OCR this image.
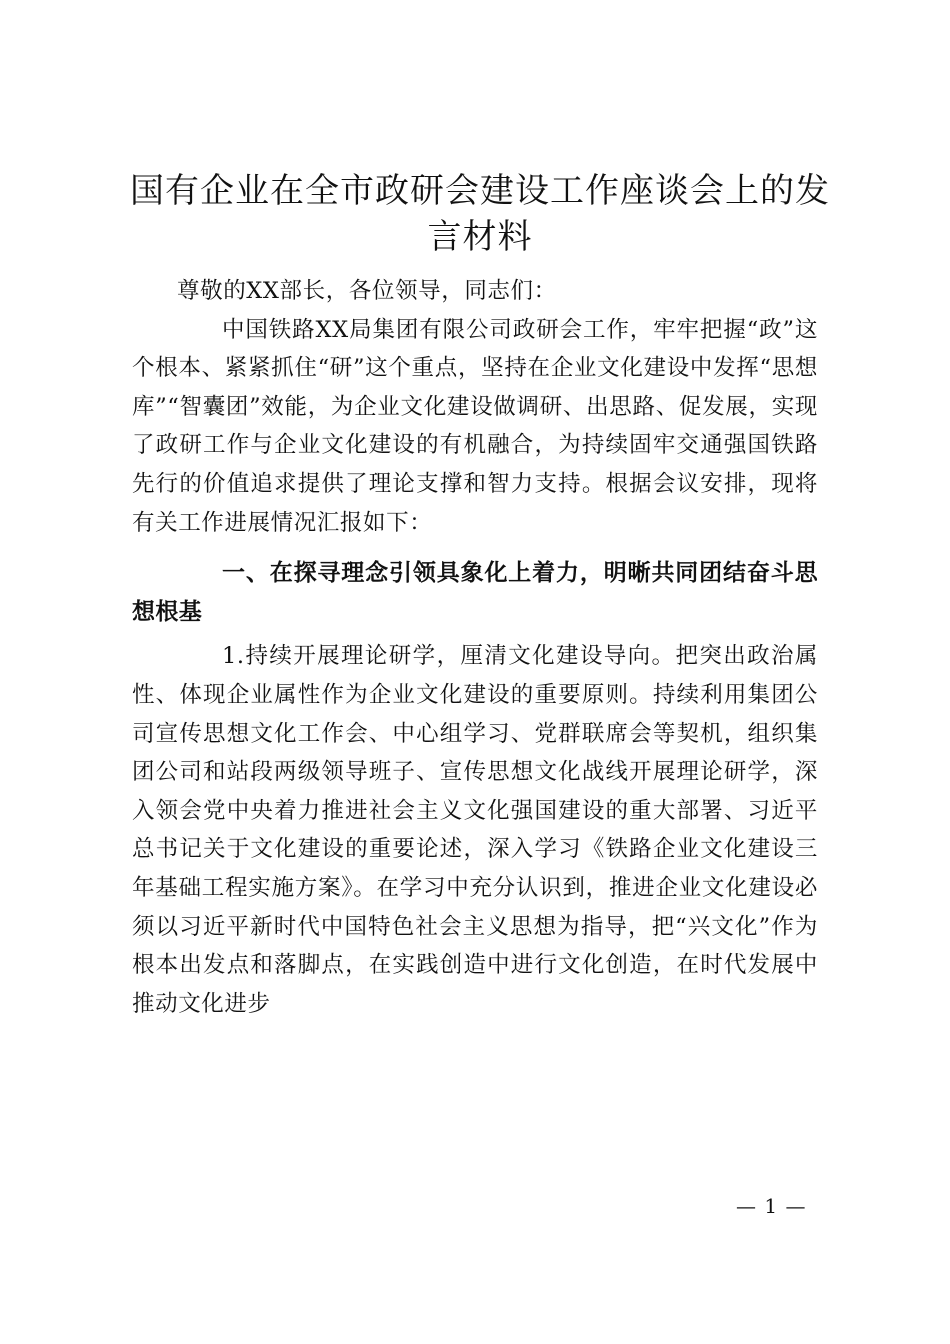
国有企业在全市政研会建设工作座谈会上的发言材料

尊敬的XX部长，各位领导，同志们：

中国铁路XX局集团有限公司政研会工作，牢牢把握“政”这个根本、紧紧抓住“研”这个重点，坚持在企业文化建设中发挥“思想库”“智囊团”效能，为企业文化建设做调研、出思路、促发展，实现了政研工作与企业文化建设的有机融合，为持续固牢交通强国铁路先行的价值追求提供了理论支撑和智力支持。根据会议安排，现将有关工作进展情况汇报如下：

一、在探寻理念引领具象化上着力，明晰共同团结奋斗思想根基

1.持续开展理论研学，厘清文化建设导向。把突出政治属性、体现企业属性作为企业文化建设的重要原则。持续利用集团公司宣传思想文化工作会、中心组学习、党群联席会等契机，组织集团公司和站段两级领导班子、宣传思想文化战线开展理论研学，深入领会党中央着力推进社会主义文化强国建设的重大部署、习近平总书记关于文化建设的重要论述，深入学习《铁路企业文化建设三年基础工程实施方案》。在学习中充分认识到，推进企业文化建设必须以习近平新时代中国特色社会主义思想为指导，把“兴文化”作为根本出发点和落脚点，在实践创造中进行文化创造，在时代发展中推动文化进步

— 1 —
